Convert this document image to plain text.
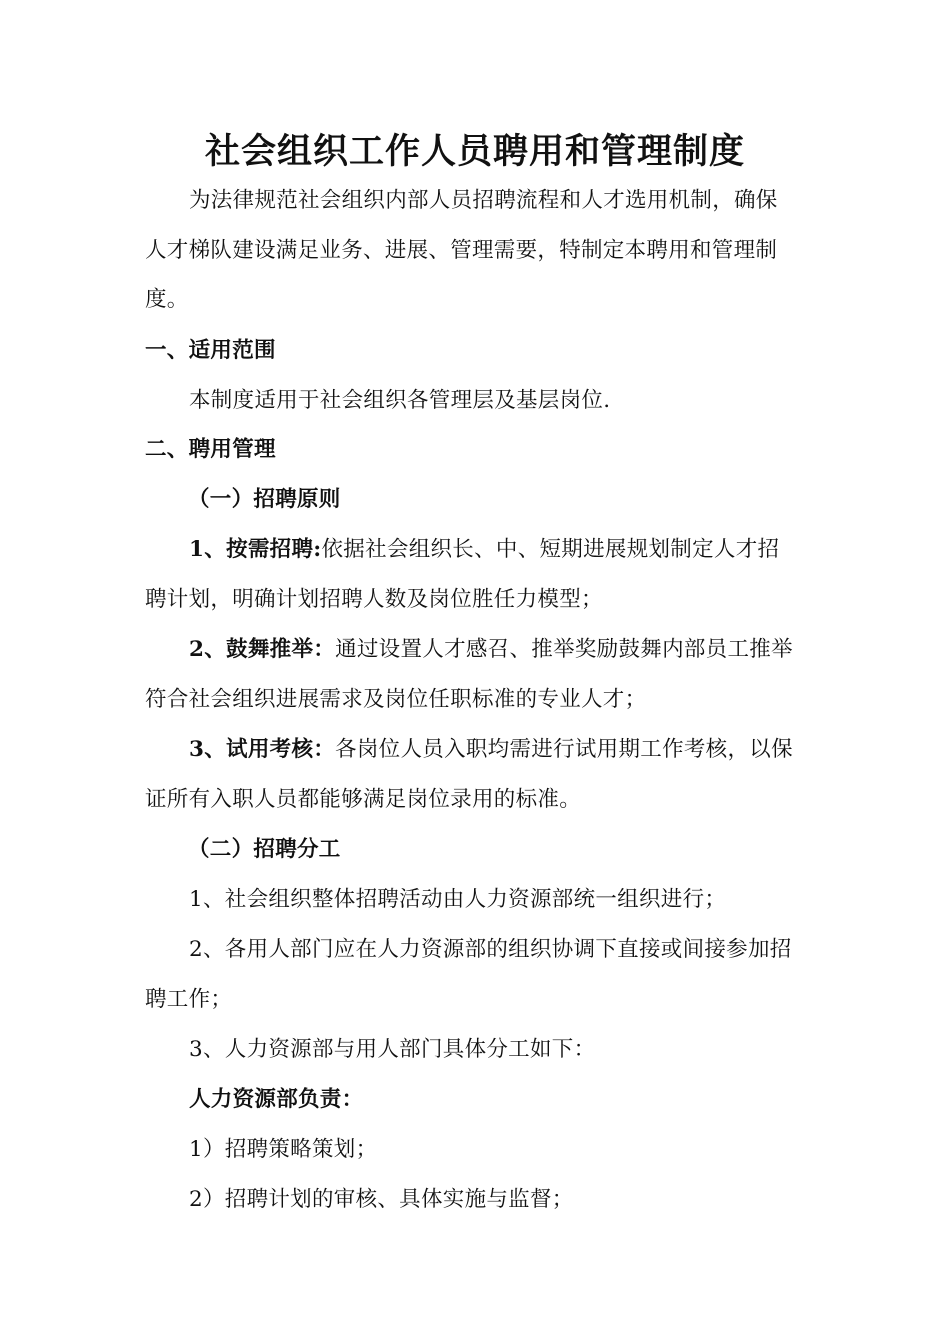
社会组织工作人员聘用和管理制度
为法律规范社会组织内部人员招聘流程和人才选用机制，确保
人才梯队建设满足业务、进展、管理需要，特制定本聘用和管理制
度。
一、适用范围
本制度适用于社会组织各管理层及基层岗位.
二、聘用管理
（一）招聘原则
1、按需招聘:依据社会组织长、中、短期进展规划制定人才招
聘计划，明确计划招聘人数及岗位胜任力模型；
2、鼓舞推举：通过设置人才感召、推举奖励鼓舞内部员工推举
符合社会组织进展需求及岗位任职标准的专业人才；
3、试用考核：各岗位人员入职均需进行试用期工作考核，以保
证所有入职人员都能够满足岗位录用的标准。
（二）招聘分工
1、社会组织整体招聘活动由人力资源部统一组织进行；
2、各用人部门应在人力资源部的组织协调下直接或间接参加招
聘工作；
3、人力资源部与用人部门具体分工如下：
人力资源部负责：
1）招聘策略策划；
2）招聘计划的审核、具体实施与监督；
